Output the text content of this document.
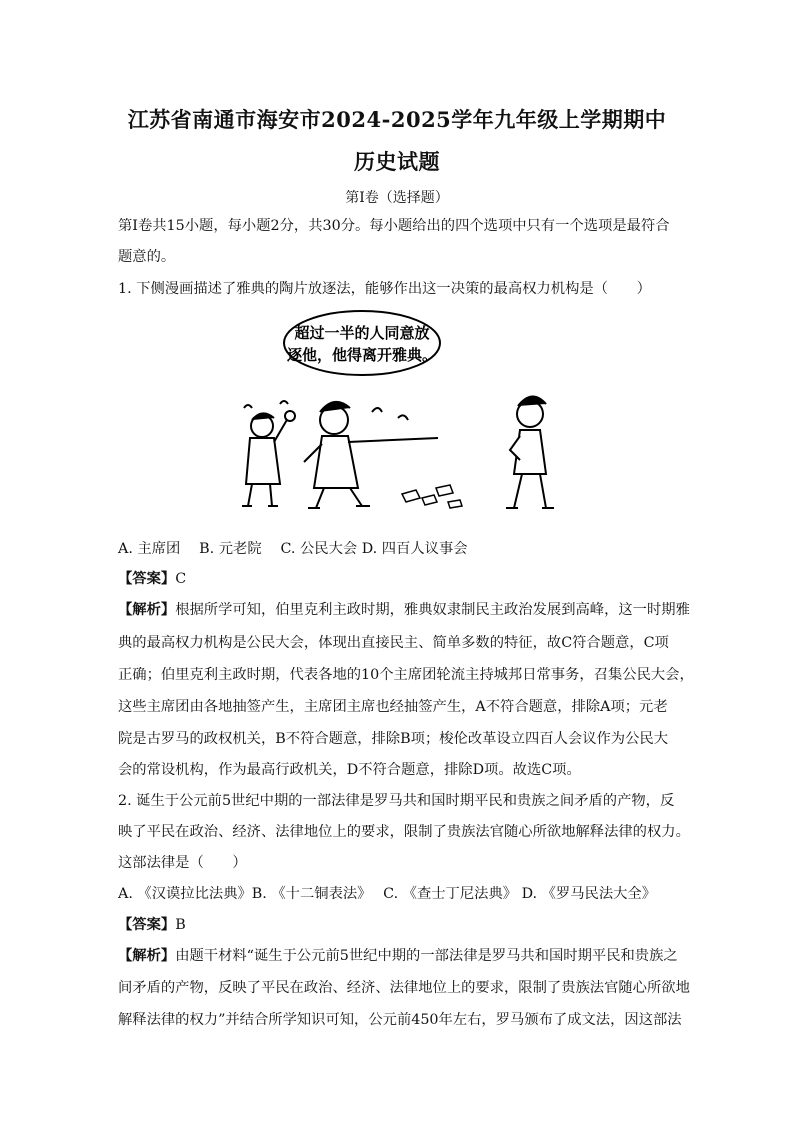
江苏省南通市海安市2024-2025学年九年级上学期期中
历史试题
第I卷（选择题）
第I卷共15小题，每小题2分，共30分。每小题给出的四个选项中只有一个选项是最符合
题意的。
1. 下侧漫画描述了雅典的陶片放逐法，能够作出这一决策的最高权力机构是（　　）
超过一半的人同意放
逐他，他得离开雅典。
A. 主席团　 B. 元老院　 C. 公民大会 D. 四百人议事会
【答案】C
【解析】根据所学可知，伯里克利主政时期，雅典奴隶制民主政治发展到高峰，这一时期雅
典的最高权力机构是公民大会，体现出直接民主、简单多数的特征，故C符合题意，C项
正确；伯里克利主政时期，代表各地的10个主席团轮流主持城邦日常事务，召集公民大会，
这些主席团由各地抽签产生，主席团主席也经抽签产生，A不符合题意，排除A项；元老
院是古罗马的政权机关，B不符合题意，排除B项；梭伦改革设立四百人会议作为公民大
会的常设机构，作为最高行政机关，D不符合题意，排除D项。故选C项。
2. 诞生于公元前5世纪中期的一部法律是罗马共和国时期平民和贵族之间矛盾的产物，反
映了平民在政治、经济、法律地位上的要求，限制了贵族法官随心所欲地解释法律的权力。
这部法律是（　　）
A. 《汉谟拉比法典》B. 《十二铜表法》　 C. 《查士丁尼法典》 D. 《罗马民法大全》
【答案】B
【解析】由题干材料“诞生于公元前5世纪中期的一部法律是罗马共和国时期平民和贵族之
间矛盾的产物，反映了平民在政治、经济、法律地位上的要求，限制了贵族法官随心所欲地
解释法律的权力”并结合所学知识可知，公元前450年左右，罗马颁布了成文法，因这部法
